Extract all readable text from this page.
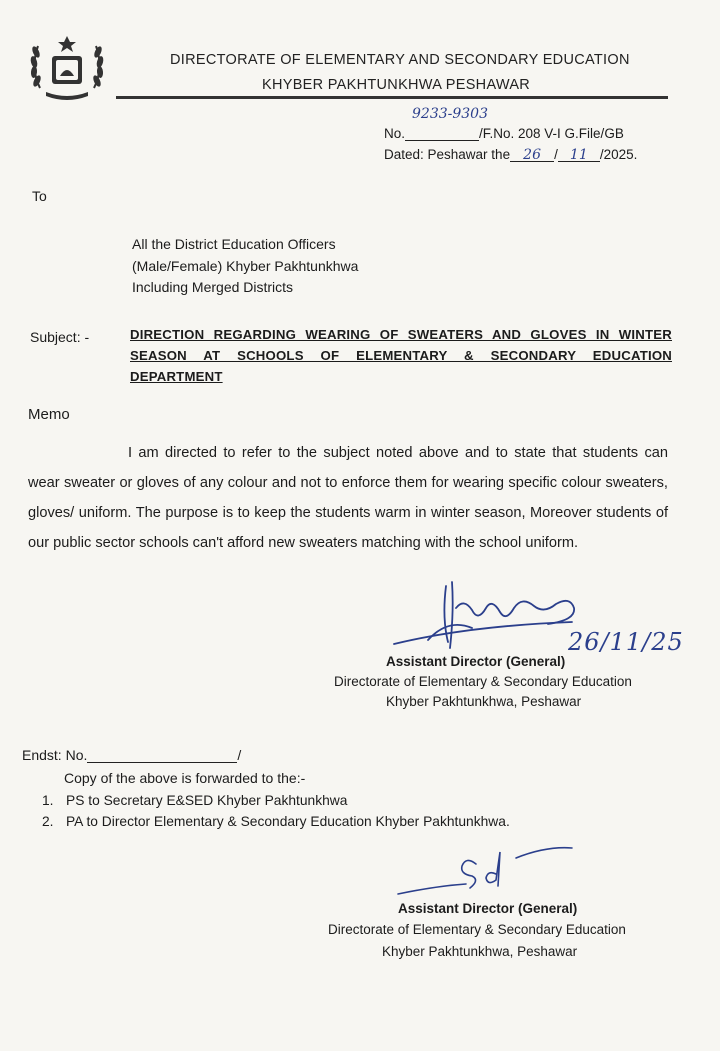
DIRECTORATE OF ELEMENTARY AND SECONDARY EDUCATION
KHYBER PAKHTUNKHWA PESHAWAR
9233-9303
No.	/F.No. 208 V-I G.File/GB
Dated: Peshawar the 26 / 11 /2025.
To
All the District Education Officers
(Male/Female) Khyber Pakhtunkhwa
Including Merged Districts
Subject: -	DIRECTION REGARDING WEARING OF SWEATERS AND GLOVES IN WINTER SEASON AT SCHOOLS OF ELEMENTARY & SECONDARY EDUCATION DEPARTMENT
Memo
I am directed to refer to the subject noted above and to state that students can wear sweater or gloves of any colour and not to enforce them for wearing specific colour sweaters, gloves/ uniform. The purpose is to keep the students warm in winter season, Moreover students of our public sector schools can't afford new sweaters matching with the school uniform.
26/11/25
Assistant Director (General)
Directorate of Elementary & Secondary Education
Khyber Pakhtunkhwa, Peshawar
Endst: No.	/
Copy of the above is forwarded to the:-
1. PS to Secretary E&SED Khyber Pakhtunkhwa
2. PA to Director Elementary & Secondary Education Khyber Pakhtunkhwa.
Sd
Assistant Director (General)
Directorate of Elementary & Secondary Education
Khyber Pakhtunkhwa, Peshawar
